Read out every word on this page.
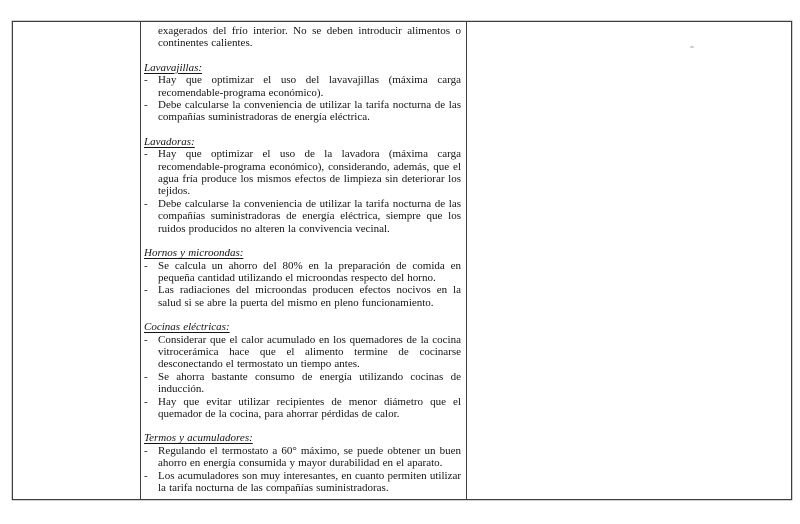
exagerados del frío interior. No se deben introducir alimentos o continentes calientes.

Lavavajillas:
- Hay que optimizar el uso del lavavajillas (máxima carga recomendable-programa económico).
- Debe calcularse la conveniencia de utilizar la tarifa nocturna de las compañías suministradoras de energía eléctrica.
Lavadoras:
- Hay que optimizar el uso de la lavadora (máxima carga recomendable-programa económico), considerando, además, que el agua fría produce los mismos efectos de limpieza sin deteriorar los tejidos.
- Debe calcularse la conveniencia de utilizar la tarifa nocturna de las compañías suministradoras de energía eléctrica, siempre que los ruidos producidos no alteren la convivencia vecinal.
Hornos y microondas:
- Se calcula un ahorro del 80% en la preparación de comida en pequeña cantidad utilizando el microondas respecto del horno.
- Las radiaciones del microondas producen efectos nocivos en la salud si se abre la puerta del mismo en pleno funcionamiento.
Cocinas eléctricas:
- Considerar que el calor acumulado en los quemadores de la cocina vitrocerámica hace que el alimento termine de cocinarse desconectando el termostato un tiempo antes.
- Se ahorra bastante consumo de energía utilizando cocinas de inducción.
- Hay que evitar utilizar recipientes de menor diámetro que el quemador de la cocina, para ahorrar pérdidas de calor.
Termos y acumuladores:
- Regulando el termostato a 60° máximo, se puede obtener un buen ahorro en energía consumida y mayor durabilidad en el aparato.
- Los acumuladores son muy interesantes, en cuanto permiten utilizar la tarifa nocturna de las compañías suministradoras.
